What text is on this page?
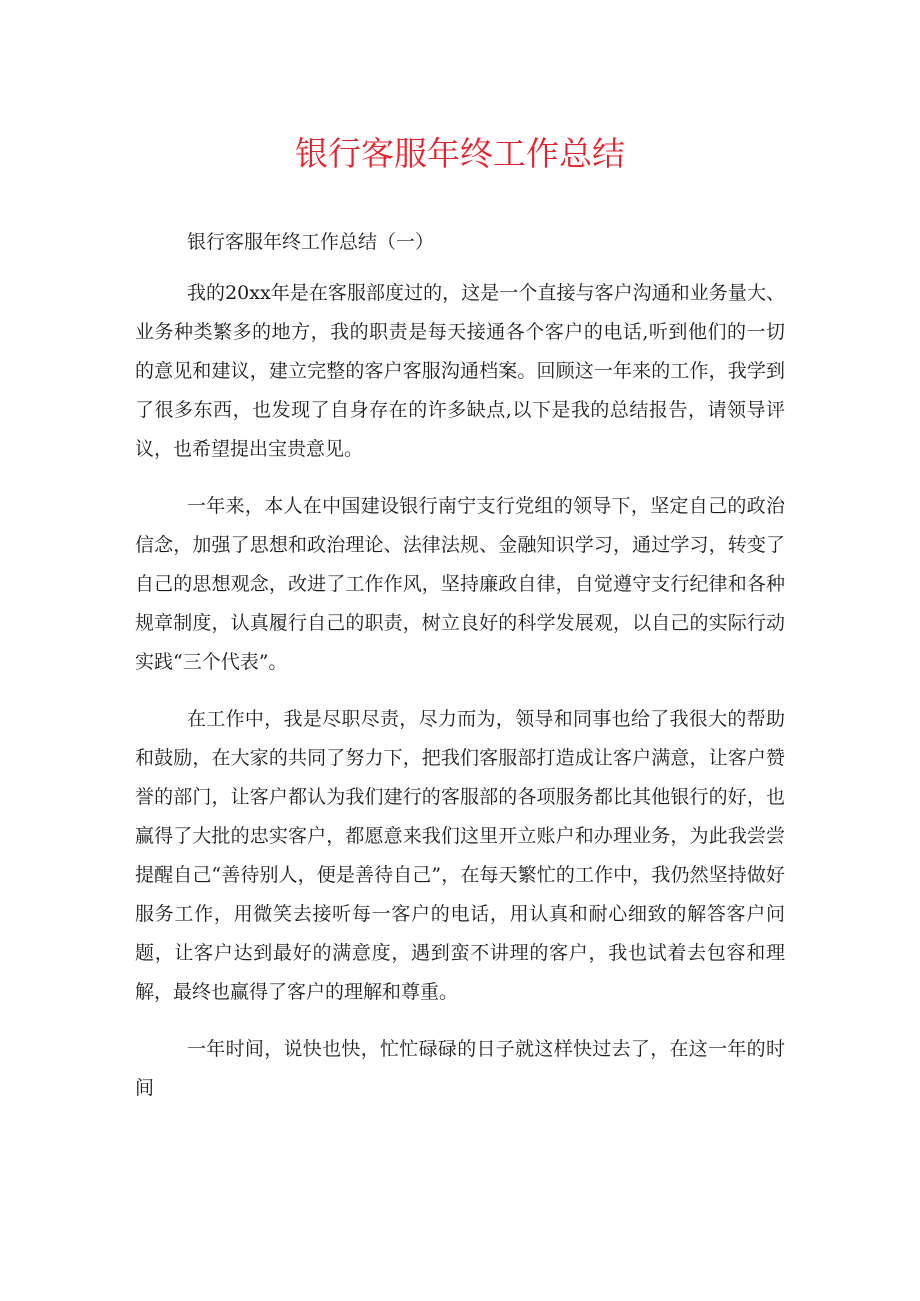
银行客服年终工作总结

银行客服年终工作总结（一）

我的20xx年是在客服部度过的，这是一个直接与客户沟通和业务量大、业务种类繁多的地方，我的职责是每天接通各个客户的电话,听到他们的一切的意见和建议，建立完整的客户客服沟通档案。回顾这一年来的工作，我学到了很多东西，也发现了自身存在的许多缺点,以下是我的总结报告，请领导评议，也希望提出宝贵意见。

一年来，本人在中国建设银行南宁支行党组的领导下，坚定自己的政治信念，加强了思想和政治理论、法律法规、金融知识学习，通过学习，转变了自己的思想观念，改进了工作作风，坚持廉政自律，自觉遵守支行纪律和各种规章制度，认真履行自己的职责，树立良好的科学发展观，以自己的实际行动实践“三个代表”。

在工作中，我是尽职尽责，尽力而为，领导和同事也给了我很大的帮助和鼓励，在大家的共同了努力下，把我们客服部打造成让客户满意，让客户赞誉的部门，让客户都认为我们建行的客服部的各项服务都比其他银行的好，也赢得了大批的忠实客户，都愿意来我们这里开立账户和办理业务，为此我尝尝提醒自己“善待别人，便是善待自己”，在每天繁忙的工作中，我仍然坚持做好服务工作，用微笑去接听每一客户的电话，用认真和耐心细致的解答客户问题，让客户达到最好的满意度，遇到蛮不讲理的客户，我也试着去包容和理解，最终也赢得了客户的理解和尊重。

一年时间，说快也快，忙忙碌碌的日子就这样快过去了，在这一年的时间
